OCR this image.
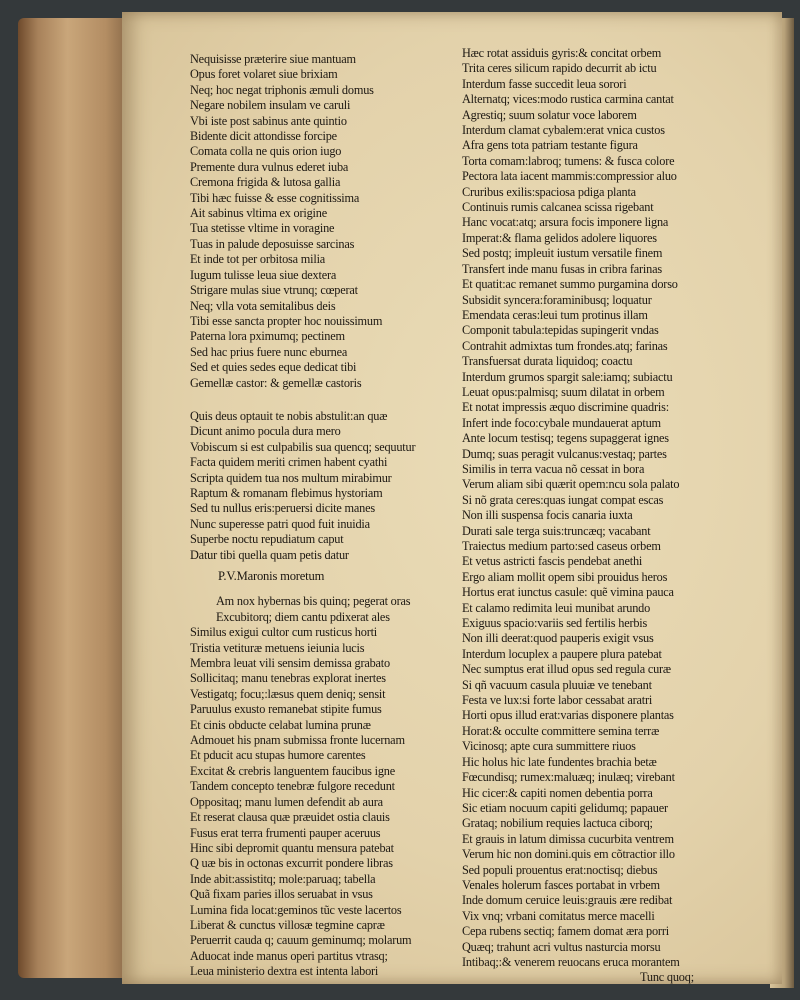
Nequisisse præterire siue mantuam
Opus foret volaret siue brixiam
Neq; hoc negat triphonis æmuli domus
Negare nobilem insulam ve caruli
Vbi iste post sabinus ante quintio
Bidente dicit attondisse forcipe
Comata colla ne quis orion iugo
Premente dura vulnus ederet iuba
Cremona frigida & lutosa gallia
Tibi hæc fuisse & esse cognitissima
Ait sabinus vltima ex origine
Tua stetisse vltime in voragine
Tuas in palude deposuisse sarcinas
Et inde tot per orbitosa milia
Iugum tulisse leua siue dextera
Strigare mulas siue vtrunq; cœperat
Neq; vlla vota semitalibus deis
Tibi esse sancta propter hoc nouissimum
Paterna lora pximumq; pectinem
Sed hac prius fuere nunc eburnea
Sed et quies sedes eque dedicat tibi
Gemellæ castor: & gemellæ castoris
Quis deus optauit te nobis abstulit:an quæ
Dicunt animo pocula dura mero
Vobiscum si est culpabilis sua quencq; sequutur
Facta quidem meriti crimen habent cyathi
Scripta quidem tua nos multum mirabimur
Raptum & romanam flebimus hystoriam
Sed tu nullus eris:peruersi dicite manes
Nunc superesse patri quod fuit inuidia
Superbe noctu repudiatum caput
Datur tibi quella quam petis datur
P.V.Maronis moretum
Am nox hybernas bis quinq; pegerat oras
Excubitorq; diem cantu pdixerat ales
Similus exigui cultor cum rusticus horti
Tristia vetituræ metuens ieiunia lucis
Membra leuat vili sensim demissa grabato
Sollicitaq; manu tenebras explorat inertes
Vestigatq; focu;:læsus quem deniq; sensit
Paruulus exusto remanebat stipite fumus
Et cinis obducte celabat lumina prunæ
Admouet his pnam submissa fronte lucernam
Et pducit acu stupas humore carentes
Excitat & crebris languentem faucibus igne
Tandem concepto tenebræ fulgore recedunt
Oppositaq; manu lumen defendit ab aura
Et reserat clausa quæ præuidet ostia clauis
Fusus erat terra frumenti pauper aceruus
Hinc sibi depromit quantu mensura patebat
Q uæ bis in octonas excurrit pondere libras
Inde abit:assistitq; mole:paruaq; tabella
Quã fixam paries illos seruabat in vsus
Lumina fida locat:geminos tũc veste lacertos
Liberat & cunctus villosæ tegmine capræ
Peruerrit cauda q; cauum geminumq; molarum
Aduocat inde manus operi partitus vtrasq;
Leua ministerio dextra est intenta labori
Hæc rotat assiduis gyris:& concitat orbem
Trita ceres silicum rapido decurrit ab ictu
Interdum fasse succedit leua sorori
Alternatq; vices:modo rustica carmina cantat
Agrestiq; suum solatur voce laborem
Interdum clamat cybalem:erat vnica custos
Afra gens tota patriam testante figura
Torta comam:labroq; tumens: & fusca colore
Pectora lata iacent mammis:compressior aluo
Cruribus exilis:spaciosa pdiga planta
Continuis rumis calcanea scissa rigebant
Hanc vocat:atq; arsura focis imponere ligna
Imperat:& flama gelidos adolere liquores
Sed postq; impleuit iustum versatile finem
Transfert inde manu fusas in cribra farinas
Et quatit:ac remanet summo purgamina dorso
Subsidit syncera:foraminibusq; loquatur
Emendata ceras:leui tum protinus illam
Componit tabula:tepidas supingerit vndas
Contrahit admixtas tum frondes.atq; farinas
Transfuersat durata liquidoq; coactu
Interdum grumos spargit sale:iamq; subiactu
Leuat opus:palmisq; suum dilatat in orbem
Et notat impressis æquo discrimine quadris:
Infert inde foco:cybale mundauerat aptum
Ante locum testisq; tegens supaggerat ignes
Dumq; suas peragit vulcanus:vestaq; partes
Similis in terra vacua nõ cessat in bora
Verum aliam sibi quærit opem:ncu sola palato
Si nõ grata ceres:quas iungat compat escas
Non illi suspensa focis canaria iuxta
Durati sale terga suis:truncæq; vacabant
Traiectus medium parto:sed caseus orbem
Et vetus astricti fascis pendebat anethi
Ergo aliam mollit opem sibi prouidus heros
Hortus erat iunctus casule: quẽ vimina pauca
Et calamo redimita leui munibat arundo
Exiguus spacio:variis sed fertilis herbis
Non illi deerat:quod pauperis exigit vsus
Interdum locuplex a paupere plura patebat
Nec sumptus erat illud opus sed regula curæ
Si qñ vacuum casula pluuiæ ve tenebant
Festa ve lux:si forte labor cessabat aratri
Horti opus illud erat:varias disponere plantas
Horat:& occulte committere semina terræ
Vicinosq; apte cura summittere riuos
Hic holus hic late fundentes brachia betæ
Fœcundisq; rumex:maluæq; inulæq; virebant
Hic cicer:& capiti nomen debentia porra
Sic etiam nocuum capiti gelidumq; papauer
Grataq; nobilium requies lactuca ciborq;
Et grauis in latum dimissa cucurbita ventrem
Verum hic non domini.quis em cõtractior illo
Sed populi prouentus erat:noctisq; diebus
Venales holerum fasces portabat in vrbem
Inde domum ceruice leuis:grauis ære redibat
Vix vnq; vrbani comitatus merce macelli
Cepa rubens sectiq; famem domat æra porri
Quæq; trahunt acri vultus nasturcia morsu
Intibaq;:& venerem reuocans eruca morantem
Tunc quoq;
